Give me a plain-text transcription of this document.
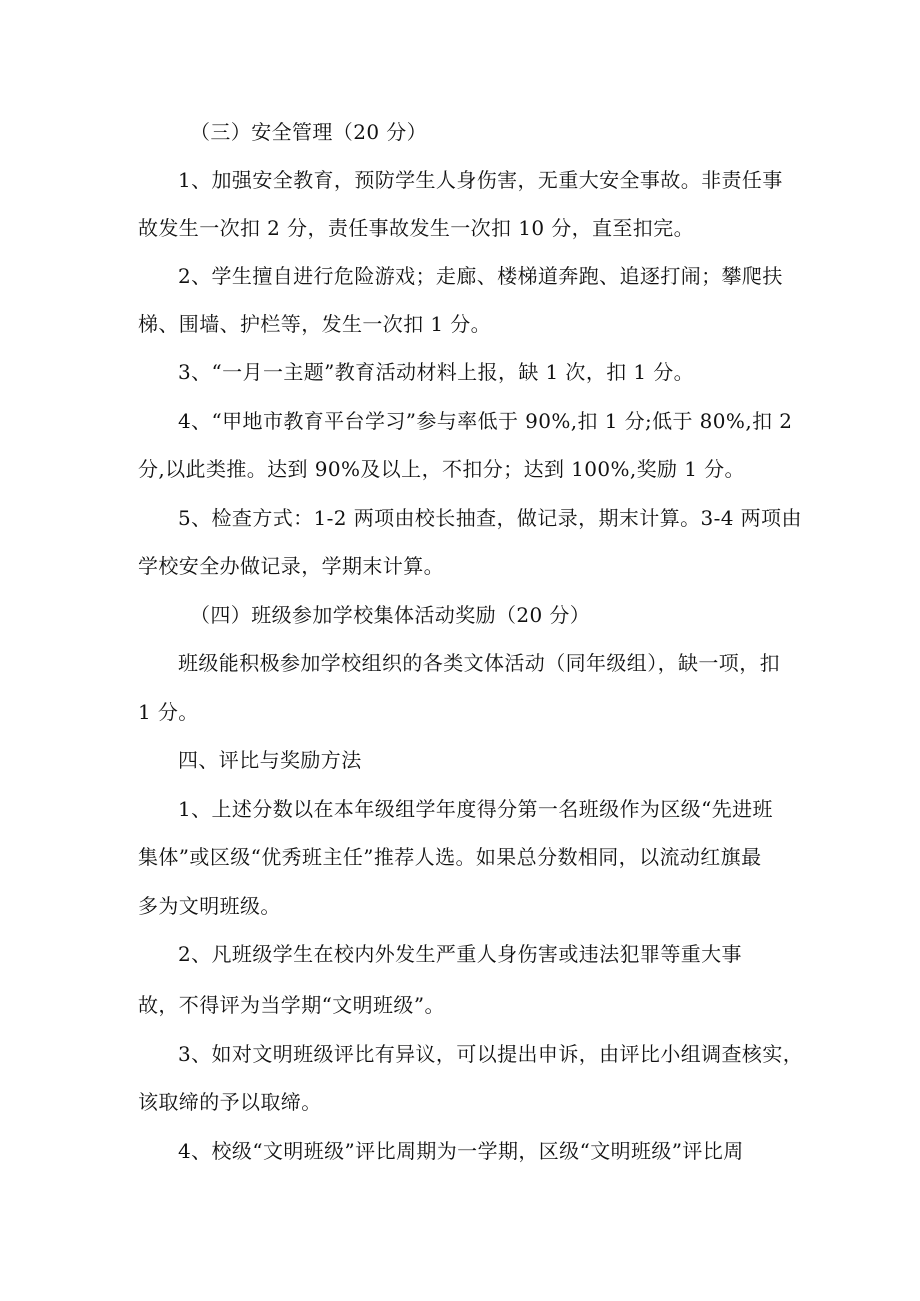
（三）安全管理（20 分）
1、加强安全教育，预防学生人身伤害，无重大安全事故。非责任事
故发生一次扣 2 分，责任事故发生一次扣 10 分，直至扣完。
2、学生擅自进行危险游戏；走廊、楼梯道奔跑、追逐打闹；攀爬扶
梯、围墙、护栏等，发生一次扣 1 分。
3、“一月一主题”教育活动材料上报，缺 1 次，扣 1 分。
4、“甲地市教育平台学习”参与率低于 90%,扣 1 分;低于 80%,扣 2
分,以此类推。达到 90%及以上，不扣分；达到 100%,奖励 1 分。
5、检查方式：1-2 两项由校长抽查，做记录，期末计算。3-4 两项由
学校安全办做记录，学期末计算。
（四）班级参加学校集体活动奖励（20 分）
班级能积极参加学校组织的各类文体活动（同年级组），缺一项，扣
1 分。
四、评比与奖励方法
1、上述分数以在本年级组学年度得分第一名班级作为区级“先进班
集体”或区级“优秀班主任”推荐人选。如果总分数相同，以流动红旗最
多为文明班级。
2、凡班级学生在校内外发生严重人身伤害或违法犯罪等重大事
故，不得评为当学期“文明班级”。
3、如对文明班级评比有异议，可以提出申诉，由评比小组调查核实，
该取缔的予以取缔。
4、校级“文明班级”评比周期为一学期，区级“文明班级”评比周
